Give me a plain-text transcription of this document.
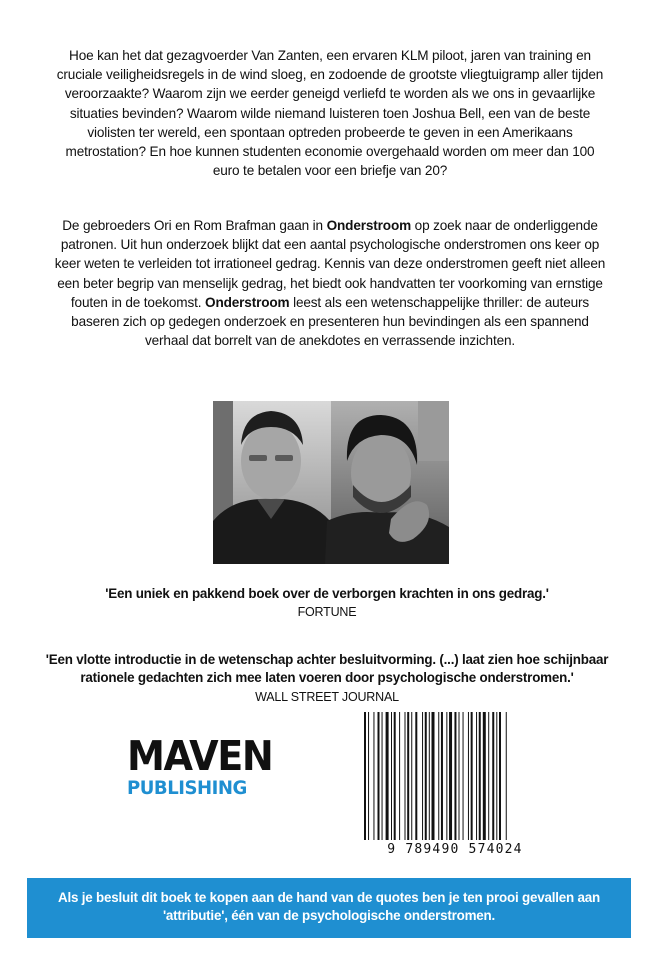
Hoe kan het dat gezagvoerder Van Zanten, een ervaren KLM piloot, jaren van training en cruciale veiligheidsregels in de wind sloeg, en zodoende de grootste vliegtuigramp aller tijden veroorzaakte? Waarom zijn we eerder geneigd verliefd te worden als we ons in gevaarlijke situaties bevinden? Waarom wilde niemand luisteren toen Joshua Bell, een van de beste violisten ter wereld, een spontaan optreden probeerde te geven in een Amerikaans metrostation? En hoe kunnen studenten economie overgehaald worden om meer dan 100 euro te betalen voor een briefje van 20?

De gebroeders Ori en Rom Brafman gaan in Onderstroom op zoek naar de onderliggende patronen. Uit hun onderzoek blijkt dat een aantal psychologische onderstromen ons keer op keer weten te verleiden tot irrationeel gedrag. Kennis van deze onderstromen geeft niet alleen een beter begrip van menselijk gedrag, het biedt ook handvatten ter voorkoming van ernstige fouten in de toekomst. Onderstroom leest als een wetenschappelijke thriller: de auteurs baseren zich op gedegen onderzoek en presenteren hun bevindingen als een spannend verhaal dat borrelt van de anekdotes en verrassende inzichten.

'Een uniek en pakkend boek over de verborgen krachten in ons gedrag.'
FORTUNE
'Een vlotte introductie in de wetenschap achter besluitvorming. (...) laat zien hoe schijnbaar rationele gedachten zich mee laten voeren door psychologische onderstromen.'
WALL STREET JOURNAL
MAVEN
PUBLISHING
9 789490 574024
Als je besluit dit boek te kopen aan de hand van de quotes ben je ten prooi gevallen aan 'attributie', één van de psychologische onderstromen.
